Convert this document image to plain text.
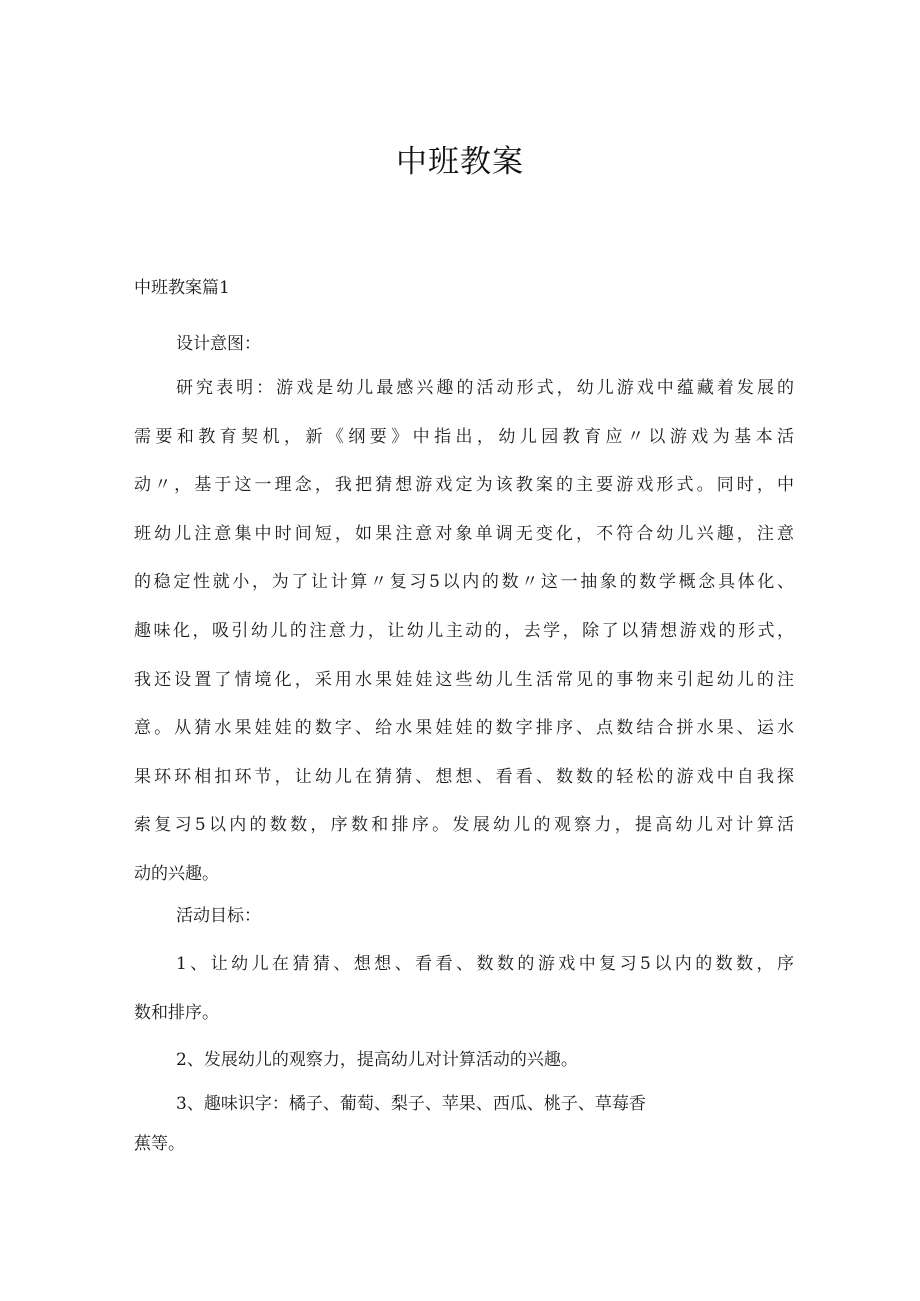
中班教案
中班教案篇1

设计意图：

研究表明：游戏是幼儿最感兴趣的活动形式，幼儿游戏中蕴藏着发展的
需要和教育契机，新《纲要》中指出，幼儿园教育应〃以游戏为基本活
动〃，基于这一理念，我把猜想游戏定为该教案的主要游戏形式。同时，中
班幼儿注意集中时间短，如果注意对象单调无变化，不符合幼儿兴趣，注意
的稳定性就小，为了让计算〃复习5以内的数〃这一抽象的数学概念具体化、
趣味化，吸引幼儿的注意力，让幼儿主动的，去学，除了以猜想游戏的形式，
我还设置了情境化，采用水果娃娃这些幼儿生活常见的事物来引起幼儿的注
意。从猜水果娃娃的数字、给水果娃娃的数字排序、点数结合拼水果、运水
果环环相扣环节，让幼儿在猜猜、想想、看看、数数的轻松的游戏中自我探
索复习5以内的数数，序数和排序。发展幼儿的观察力，提高幼儿对计算活
动的兴趣。

活动目标：

1、让幼儿在猜猜、想想、看看、数数的游戏中复习5以内的数数，序
数和排序。

2、发展幼儿的观察力，提高幼儿对计算活动的兴趣。

3、趣味识字：橘子、葡萄、梨子、苹果、西瓜、桃子、草莓香
蕉等。
